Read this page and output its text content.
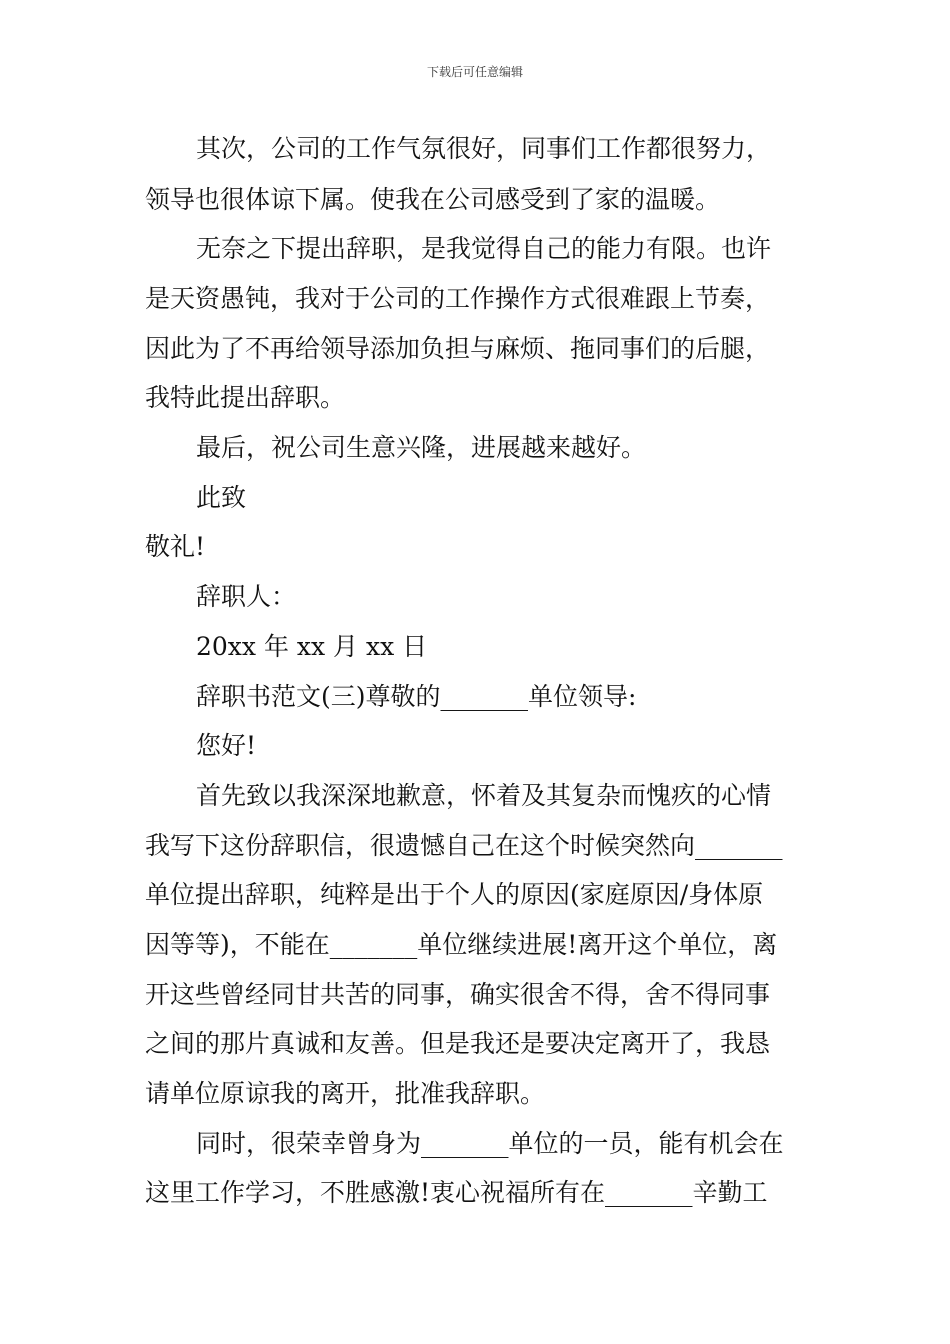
下载后可任意编辑
其次，公司的工作气氛很好，同事们工作都很努力，
领导也很体谅下属。使我在公司感受到了家的温暖。
无奈之下提出辞职，是我觉得自己的能力有限。也许
是天资愚钝，我对于公司的工作操作方式很难跟上节奏，
因此为了不再给领导添加负担与麻烦、拖同事们的后腿，
我特此提出辞职。
最后，祝公司生意兴隆，进展越来越好。
此致
敬礼!
辞职人：
20xx 年 xx 月 xx 日
辞职书范文(三)尊敬的_______单位领导:
您好!
首先致以我深深地歉意，怀着及其复杂而愧疚的心情
我写下这份辞职信，很遗憾自己在这个时候突然向_______
单位提出辞职，纯粹是出于个人的原因(家庭原因/身体原
因等等)，不能在_______单位继续进展!离开这个单位，离
开这些曾经同甘共苦的同事，确实很舍不得，舍不得同事
之间的那片真诚和友善。但是我还是要决定离开了，我恳
请单位原谅我的离开，批准我辞职。
同时，很荣幸曾身为_______单位的一员，能有机会在
这里工作学习，不胜感激!衷心祝福所有在_______辛勤工
